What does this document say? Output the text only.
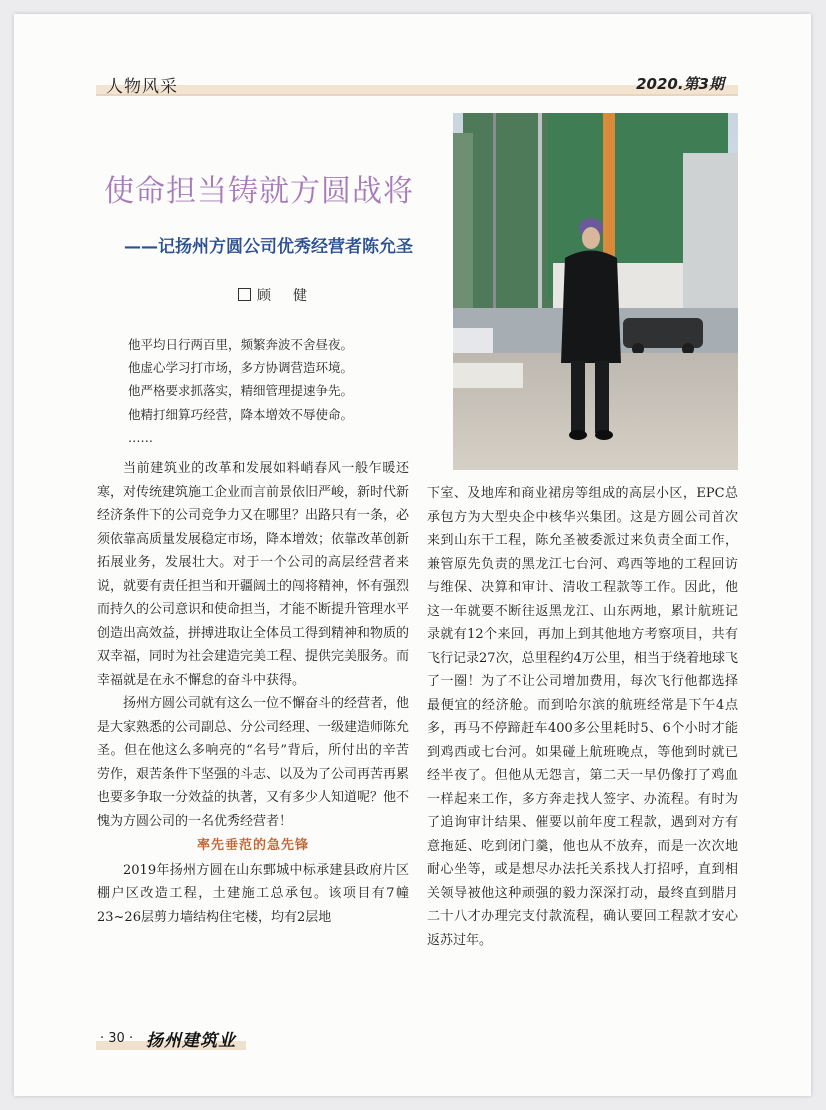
人物风采	2020.第3期
使命担当铸就方圆战将
——记扬州方圆公司优秀经营者陈允圣
顾　健
他平均日行两百里，频繁奔波不舍昼夜。
他虚心学习打市场，多方协调营造环境。
他严格要求抓落实，精细管理提速争先。
他精打细算巧经营，降本增效不辱使命。
……

当前建筑业的改革和发展如料峭春风一般乍暖还寒，对传统建筑施工企业而言前景依旧严峻，新时代新经济条件下的公司竞争力又在哪里？出路只有一条，必须依靠高质量发展稳定市场，降本增效；依靠改革创新拓展业务，发展壮大。对于一个公司的高层经营者来说，就要有责任担当和开疆阔土的闯将精神，怀有强烈而持久的公司意识和使命担当，才能不断提升管理水平创造出高效益，拼搏进取让全体员工得到精神和物质的双幸福，同时为社会建造完美工程、提供完美服务。而幸福就是在永不懈怠的奋斗中获得。

扬州方圆公司就有这么一位不懈奋斗的经营者，他是大家熟悉的公司副总、分公司经理、一级建造师陈允圣。但在他这么多响亮的“名号”背后，所付出的辛苦劳作，艰苦条件下坚强的斗志、以及为了公司再苦再累也要多争取一分效益的执著，又有多少人知道呢？他不愧为方圆公司的一名优秀经营者！

率先垂范的急先锋

2019年扬州方圆在山东鄄城中标承建县政府片区棚户区改造工程，土建施工总承包。该项目有7幢23~26层剪力墙结构住宅楼，均有2层地

下室、及地库和商业裙房等组成的高层小区，EPC总承包方为大型央企中核华兴集团。这是方圆公司首次来到山东干工程，陈允圣被委派过来负责全面工作，兼管原先负责的黑龙江七台河、鸡西等地的工程回访与维保、决算和审计、清收工程款等工作。因此，他这一年就要不断往返黑龙江、山东两地，累计航班记录就有12个来回，再加上到其他地方考察项目，共有飞行记录27次，总里程约4万公里，相当于绕着地球飞了一圈！为了不让公司增加费用，每次飞行他都选择最便宜的经济舱。而到哈尔滨的航班经常是下午4点多，再马不停蹄赶车400多公里耗时5、6个小时才能到鸡西或七台河。如果碰上航班晚点，等他到时就已经半夜了。但他从无怨言，第二天一早仍像打了鸡血一样起来工作，多方奔走找人签字、办流程。有时为了追询审计结果、催要以前年度工程款，遇到对方有意拖延、吃到闭门羹，他也从不放弃，而是一次次地耐心坐等，或是想尽办法托关系找人打招呼，直到相关领导被他这种顽强的毅力深深打动，最终直到腊月二十八才办理完支付款流程，确认要回工程款才安心返苏过年。

· 30 · 扬州建筑业
